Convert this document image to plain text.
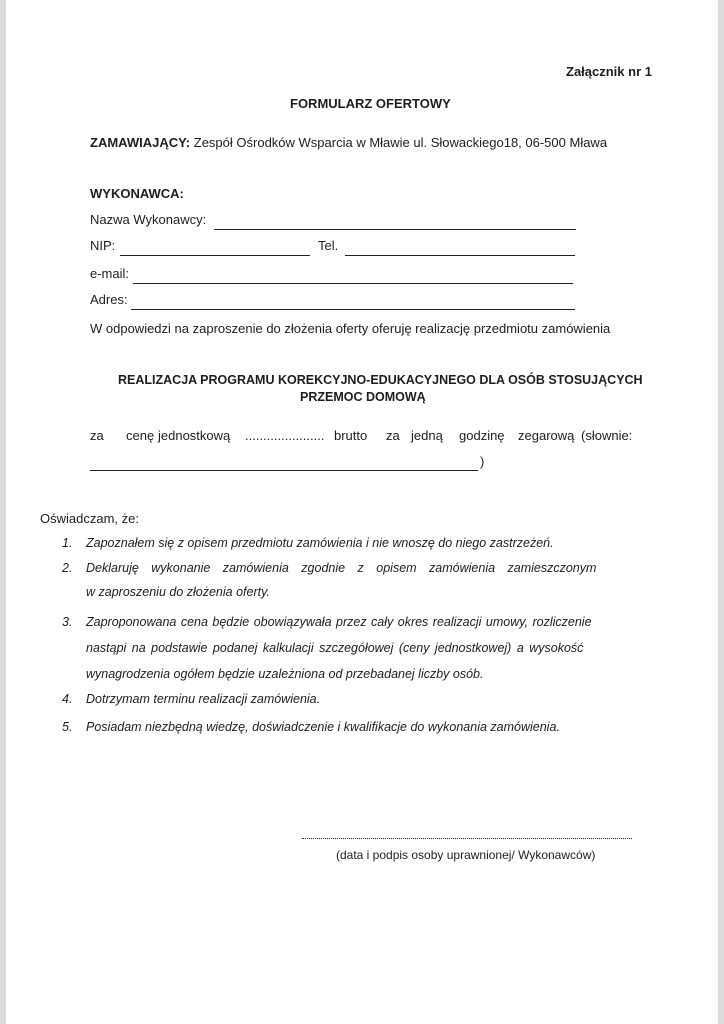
Załącznik nr 1
FORMULARZ OFERTOWY
ZAMAWIAJĄCY: Zespół Ośrodków Wsparcia w Mławie ul. Słowackiego18, 06-500 Mława
WYKONAWCA:
Nazwa Wykonawcy:
NIP:	Tel.
e-mail:
Adres:
W odpowiedzi na zaproszenie do złożenia oferty oferuję realizację przedmiotu zamówienia
REALIZACJA PROGRAMU KOREKCYJNO-EDUKACYJNEGO DLA OSÓB STOSUJĄCYCH
PRZEMOC DOMOWĄ
za cenę jednostkową ...................... brutto za jedną godzinę zegarową (słownie:
)
Oświadczam, że:
1. Zapoznałem się z opisem przedmiotu zamówienia i nie wnoszę do niego zastrzeżeń.
2. Deklaruję wykonanie zamówienia zgodnie z opisem zamówienia zamieszczonym
w zaproszeniu do złożenia oferty.
3. Zaproponowana cena będzie obowiązywała przez cały okres realizacji umowy, rozliczenie
nastąpi na podstawie podanej kalkulacji szczegółowej (ceny jednostkowej) a wysokość
wynagrodzenia ogółem będzie uzależniona od przebadanej liczby osób.
4. Dotrzymam terminu realizacji zamówienia.
5. Posiadam niezbędną wiedzę, doświadczenie i kwalifikacje do wykonania zamówienia.
(data i podpis osoby uprawnionej/ Wykonawców)
